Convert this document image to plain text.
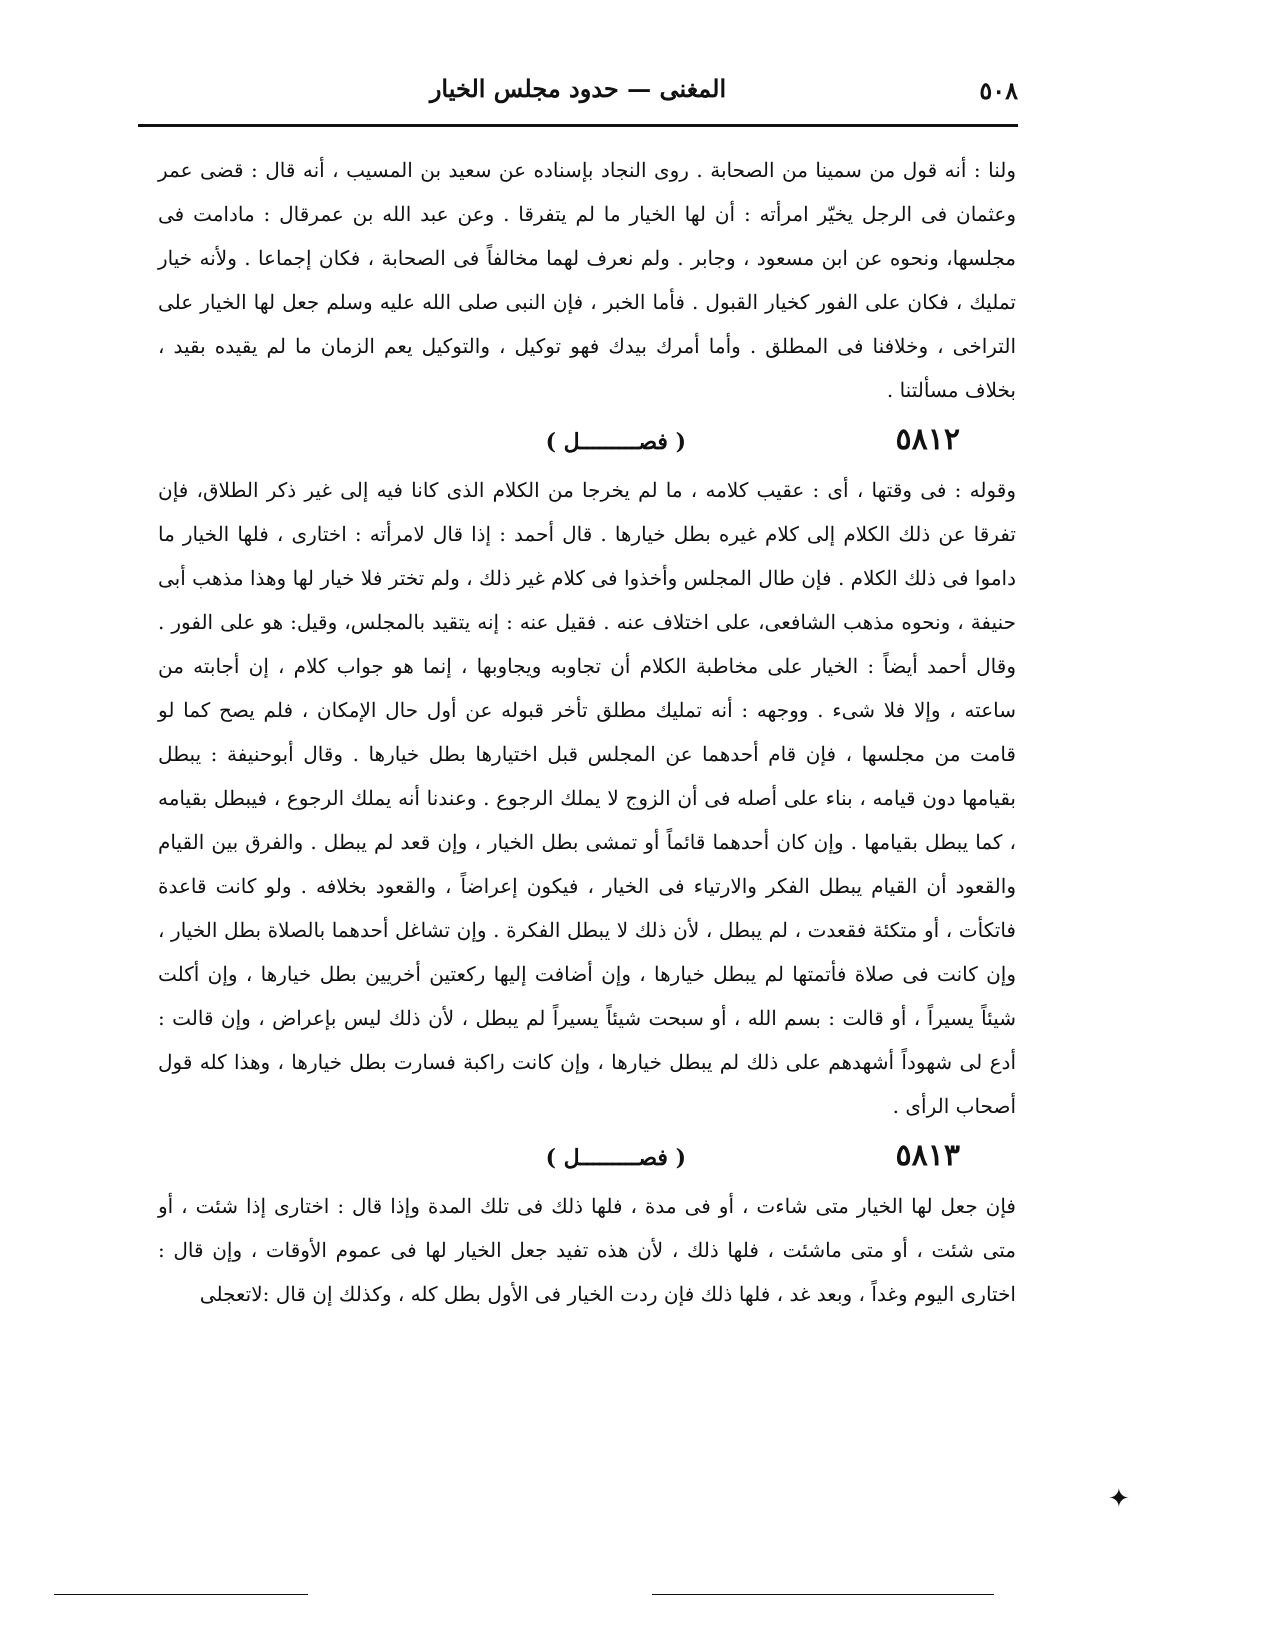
٥٠٨
المغنى — حدود مجلس الخيار

ولنا : أنه قول من سمينا من الصحابة . روى النجاد بإسناده عن سعيد بن المسيب ، أنه قال : قضى عمر وعثمان فى الرجل يخيّر امرأته : أن لها الخيار ما لم يتفرقا . وعن عبد الله بن عمرقال : مادامت فى مجلسها، ونحوه عن ابن مسعود ، وجابر . ولم نعرف لهما مخالفاً فى الصحابة ، فكان إجماعا . ولأنه خيار تمليك ، فكان على الفور كخيار القبول . فأما الخبر ، فإن النبى صلى الله عليه وسلم جعل لها الخيار على التراخى ، وخلافنا فى المطلق . وأما أمرك بيدك فهو توكيل ، والتوكيل يعم الزمان ما لم يقيده بقيد ، بخلاف مسألتنا .

٥٨١٢
( فصـــــــــل )

وقوله : فى وقتها ، أى : عقيب كلامه ، ما لم يخرجا من الكلام الذى كانا فيه إلى غير ذكر الطلاق، فإن تفرقا عن ذلك الكلام إلى كلام غيره بطل خيارها . قال أحمد : إذا قال لامرأته : اختارى ، فلها الخيار ما داموا فى ذلك الكلام . فإن طال المجلس وأخذوا فى كلام غير ذلك ، ولم تختر فلا خيار لها وهذا مذهب أبى حنيفة ، ونحوه مذهب الشافعى، على اختلاف عنه . فقيل عنه : إنه يتقيد بالمجلس، وقيل: هو على الفور . وقال أحمد أيضاً : الخيار على مخاطبة الكلام أن تجاوبه ويجاوبها ، إنما هو جواب كلام ، إن أجابته من ساعته ، وإلا فلا شىء . ووجهه : أنه تمليك مطلق تأخر قبوله عن أول حال الإمكان ، فلم يصح كما لو قامت من مجلسها ، فإن قام أحدهما عن المجلس قبل اختيارها بطل خيارها . وقال أبوحنيفة : يبطل بقيامها دون قيامه ، بناء على أصله فى أن الزوج لا يملك الرجوع . وعندنا أنه يملك الرجوع ، فيبطل بقيامه ، كما يبطل بقيامها . وإن كان أحدهما قائماً أو تمشى بطل الخيار ، وإن قعد لم يبطل . والفرق بين القيام والقعود أن القيام يبطل الفكر والارتياء فى الخيار ، فيكون إعراضاً ، والقعود بخلافه . ولو كانت قاعدة فاتكأت ، أو متكئة فقعدت ، لم يبطل ، لأن ذلك لا يبطل الفكرة . وإن تشاغل أحدهما بالصلاة بطل الخيار ، وإن كانت فى صلاة فأتمتها لم يبطل خيارها ، وإن أضافت إليها ركعتين أخريين بطل خيارها ، وإن أكلت شيئاً يسيراً ، أو قالت : بسم الله ، أو سبحت شيئاً يسيراً لم يبطل ، لأن ذلك ليس بإعراض ، وإن قالت : أدع لى شهوداً أشهدهم على ذلك لم يبطل خيارها ، وإن كانت راكبة فسارت بطل خيارها ، وهذا كله قول أصحاب الرأى .

٥٨١٣
( فصـــــــــل )

فإن جعل لها الخيار متى شاءت ، أو فى مدة ، فلها ذلك فى تلك المدة وإذا قال : اختارى إذا شئت ، أو متى شئت ، أو متى ماشئت ، فلها ذلك ، لأن هذه تفيد جعل الخيار لها فى عموم الأوقات ، وإن قال : اختارى اليوم وغداً ، وبعد غد ، فلها ذلك فإن ردت الخيار فى الأول بطل كله ، وكذلك إن قال :لاتعجلى

✦
